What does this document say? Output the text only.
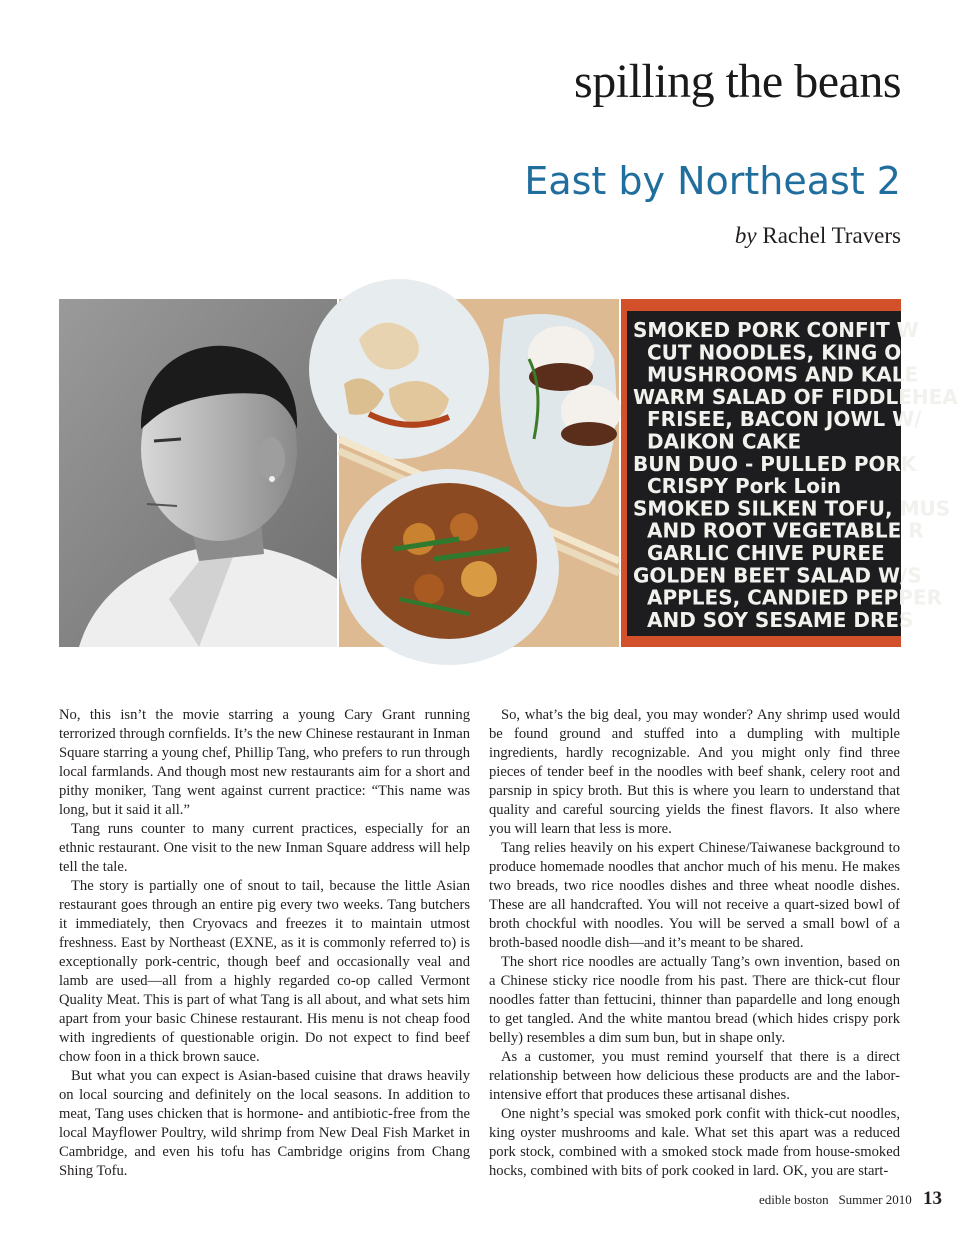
spilling the beans
East by Northeast 2
by Rachel Travers
SMOKED PORK CONFIT W
CUT NOODLES, KING O
MUSHROOMS AND KALE
WARM SALAD OF FIDDLEHEA
FRISEE, BACON JOWL W/
DAIKON CAKE
BUN DUO - PULLED PORK
CRISPY Pork Loin
SMOKED SILKEN TOFU, MUS
AND ROOT VEGETABLE R
GARLIC CHIVE PUREE
GOLDEN BEET SALAD W/S
APPLES, CANDIED PEPPER
AND SOY SESAME DRES

No, this isn’t the movie starring a young Cary Grant running terrorized through cornfields. It’s the new Chinese restaurant in Inman Square starring a young chef, Phillip Tang, who prefers to run through local farmlands. And though most new restaurants aim for a short and pithy moniker, Tang went against current practice: “This name was long, but it said it all.”

Tang runs counter to many current practices, especially for an ethnic restaurant. One visit to the new Inman Square address will help tell the tale.

The story is partially one of snout to tail, because the little Asian restaurant goes through an entire pig every two weeks. Tang butchers it immediately, then Cryovacs and freezes it to maintain utmost freshness. East by Northeast (EXNE, as it is commonly referred to) is exceptionally pork-centric, though beef and occasionally veal and lamb are used—all from a highly regarded co-op called Vermont Quality Meat. This is part of what Tang is all about, and what sets him apart from your basic Chinese restaurant. His menu is not cheap food with ingredients of questionable origin. Do not expect to find beef chow foon in a thick brown sauce.

But what you can expect is Asian-based cuisine that draws heavily on local sourcing and definitely on the local seasons. In addition to meat, Tang uses chicken that is hormone- and antibiotic-free from the local Mayflower Poultry, wild shrimp from New Deal Fish Market in Cambridge, and even his tofu has Cambridge origins from Chang Shing Tofu.

So, what’s the big deal, you may wonder? Any shrimp used would be found ground and stuffed into a dumpling with multiple ingredients, hardly recognizable. And you might only find three pieces of tender beef in the noodles with beef shank, celery root and parsnip in spicy broth. But this is where you learn to understand that quality and careful sourcing yields the finest flavors. It also where you will learn that less is more.

Tang relies heavily on his expert Chinese/Taiwanese background to produce homemade noodles that anchor much of his menu. He makes two breads, two rice noodles dishes and three wheat noodle dishes. These are all handcrafted. You will not receive a quart-sized bowl of broth chockful with noodles. You will be served a small bowl of a broth-based noodle dish—and it’s meant to be shared.

The short rice noodles are actually Tang’s own invention, based on a Chinese sticky rice noodle from his past. There are thick-cut flour noodles fatter than fettucini, thinner than papardelle and long enough to get tangled. And the white mantou bread (which hides crispy pork belly) resembles a dim sum bun, but in shape only.

As a customer, you must remind yourself that there is a direct relationship between how delicious these products are and the labor-intensive effort that produces these artisanal dishes.

One night’s special was smoked pork confit with thick-cut noodles, king oyster mushrooms and kale. What set this apart was a reduced pork stock, combined with a smoked stock made from house-smoked hocks, combined with bits of pork cooked in lard. OK, you are start-

edible boston Summer 2010 13
